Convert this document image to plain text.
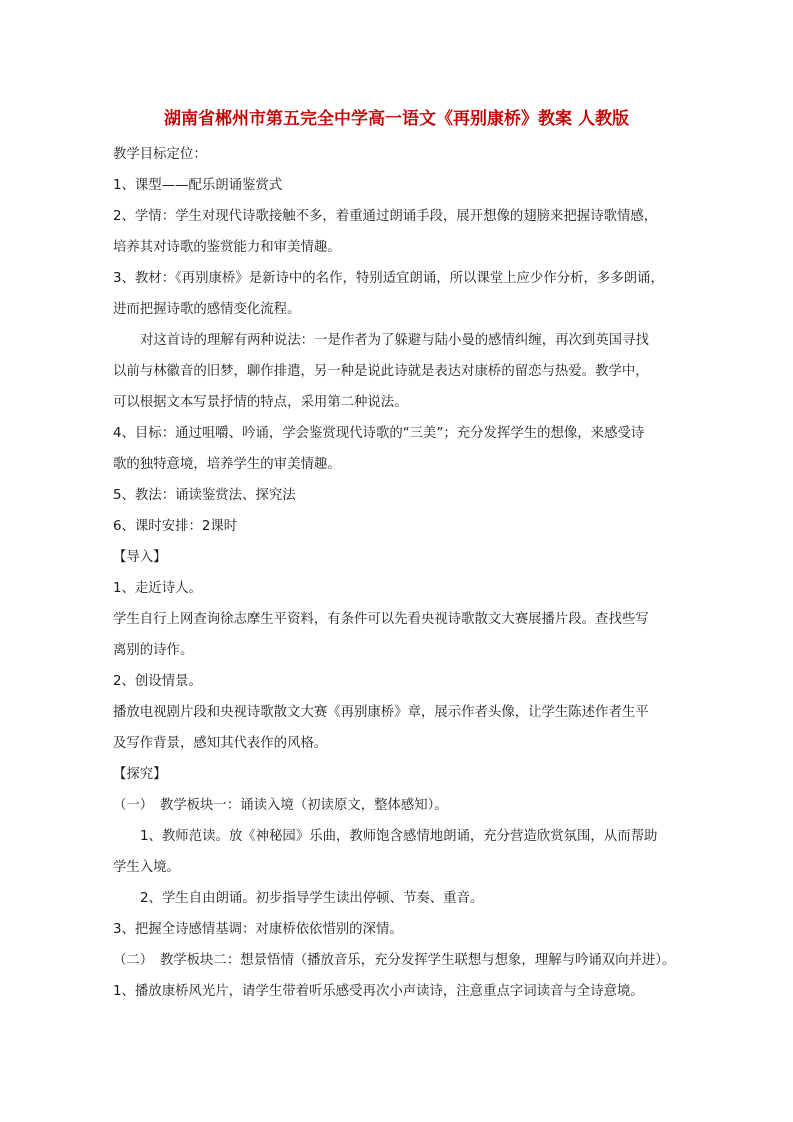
湖南省郴州市第五完全中学高一语文《再别康桥》教案 人教版
教学目标定位：
1、课型——配乐朗诵鉴赏式
2、学情：学生对现代诗歌接触不多，着重通过朗诵手段，展开想像的翅膀来把握诗歌情感，
培养其对诗歌的鉴赏能力和审美情趣。
3、教材：《再别康桥》是新诗中的名作，特别适宜朗诵，所以课堂上应少作分析，多多朗诵，
进而把握诗歌的感情变化流程。
对这首诗的理解有两种说法：一是作者为了躲避与陆小曼的感情纠缠，再次到英国寻找
以前与林徽音的旧梦，聊作排遣，另一种是说此诗就是表达对康桥的留恋与热爱。教学中，
可以根据文本写景抒情的特点，采用第二种说法。
4、目标：通过咀嚼、吟诵，学会鉴赏现代诗歌的“三美”；充分发挥学生的想像，来感受诗
歌的独特意境，培养学生的审美情趣。
5、教法：诵读鉴赏法、探究法
6、课时安排：2课时
【导入】
1、走近诗人。
学生自行上网查询徐志摩生平资料，有条件可以先看央视诗歌散文大赛展播片段。查找些写
离别的诗作。
2、创设情景。
播放电视剧片段和央视诗歌散文大赛《再别康桥》章，展示作者头像，让学生陈述作者生平
及写作背景，感知其代表作的风格。
【探究】
（一）　教学板块一：诵读入境（初读原文，整体感知）。
1、教师范读。放《神秘园》乐曲，教师饱含感情地朗诵，充分营造欣赏氛围，从而帮助
学生入境。
2、学生自由朗诵。初步指导学生读出停顿、节奏、重音。
3、把握全诗感情基调：对康桥依依惜别的深情。
（二）　教学板块二：想景悟情（播放音乐，充分发挥学生联想与想象，理解与吟诵双向并进）。
1、播放康桥风光片，请学生带着听乐感受再次小声读诗，注意重点字词读音与全诗意境。
